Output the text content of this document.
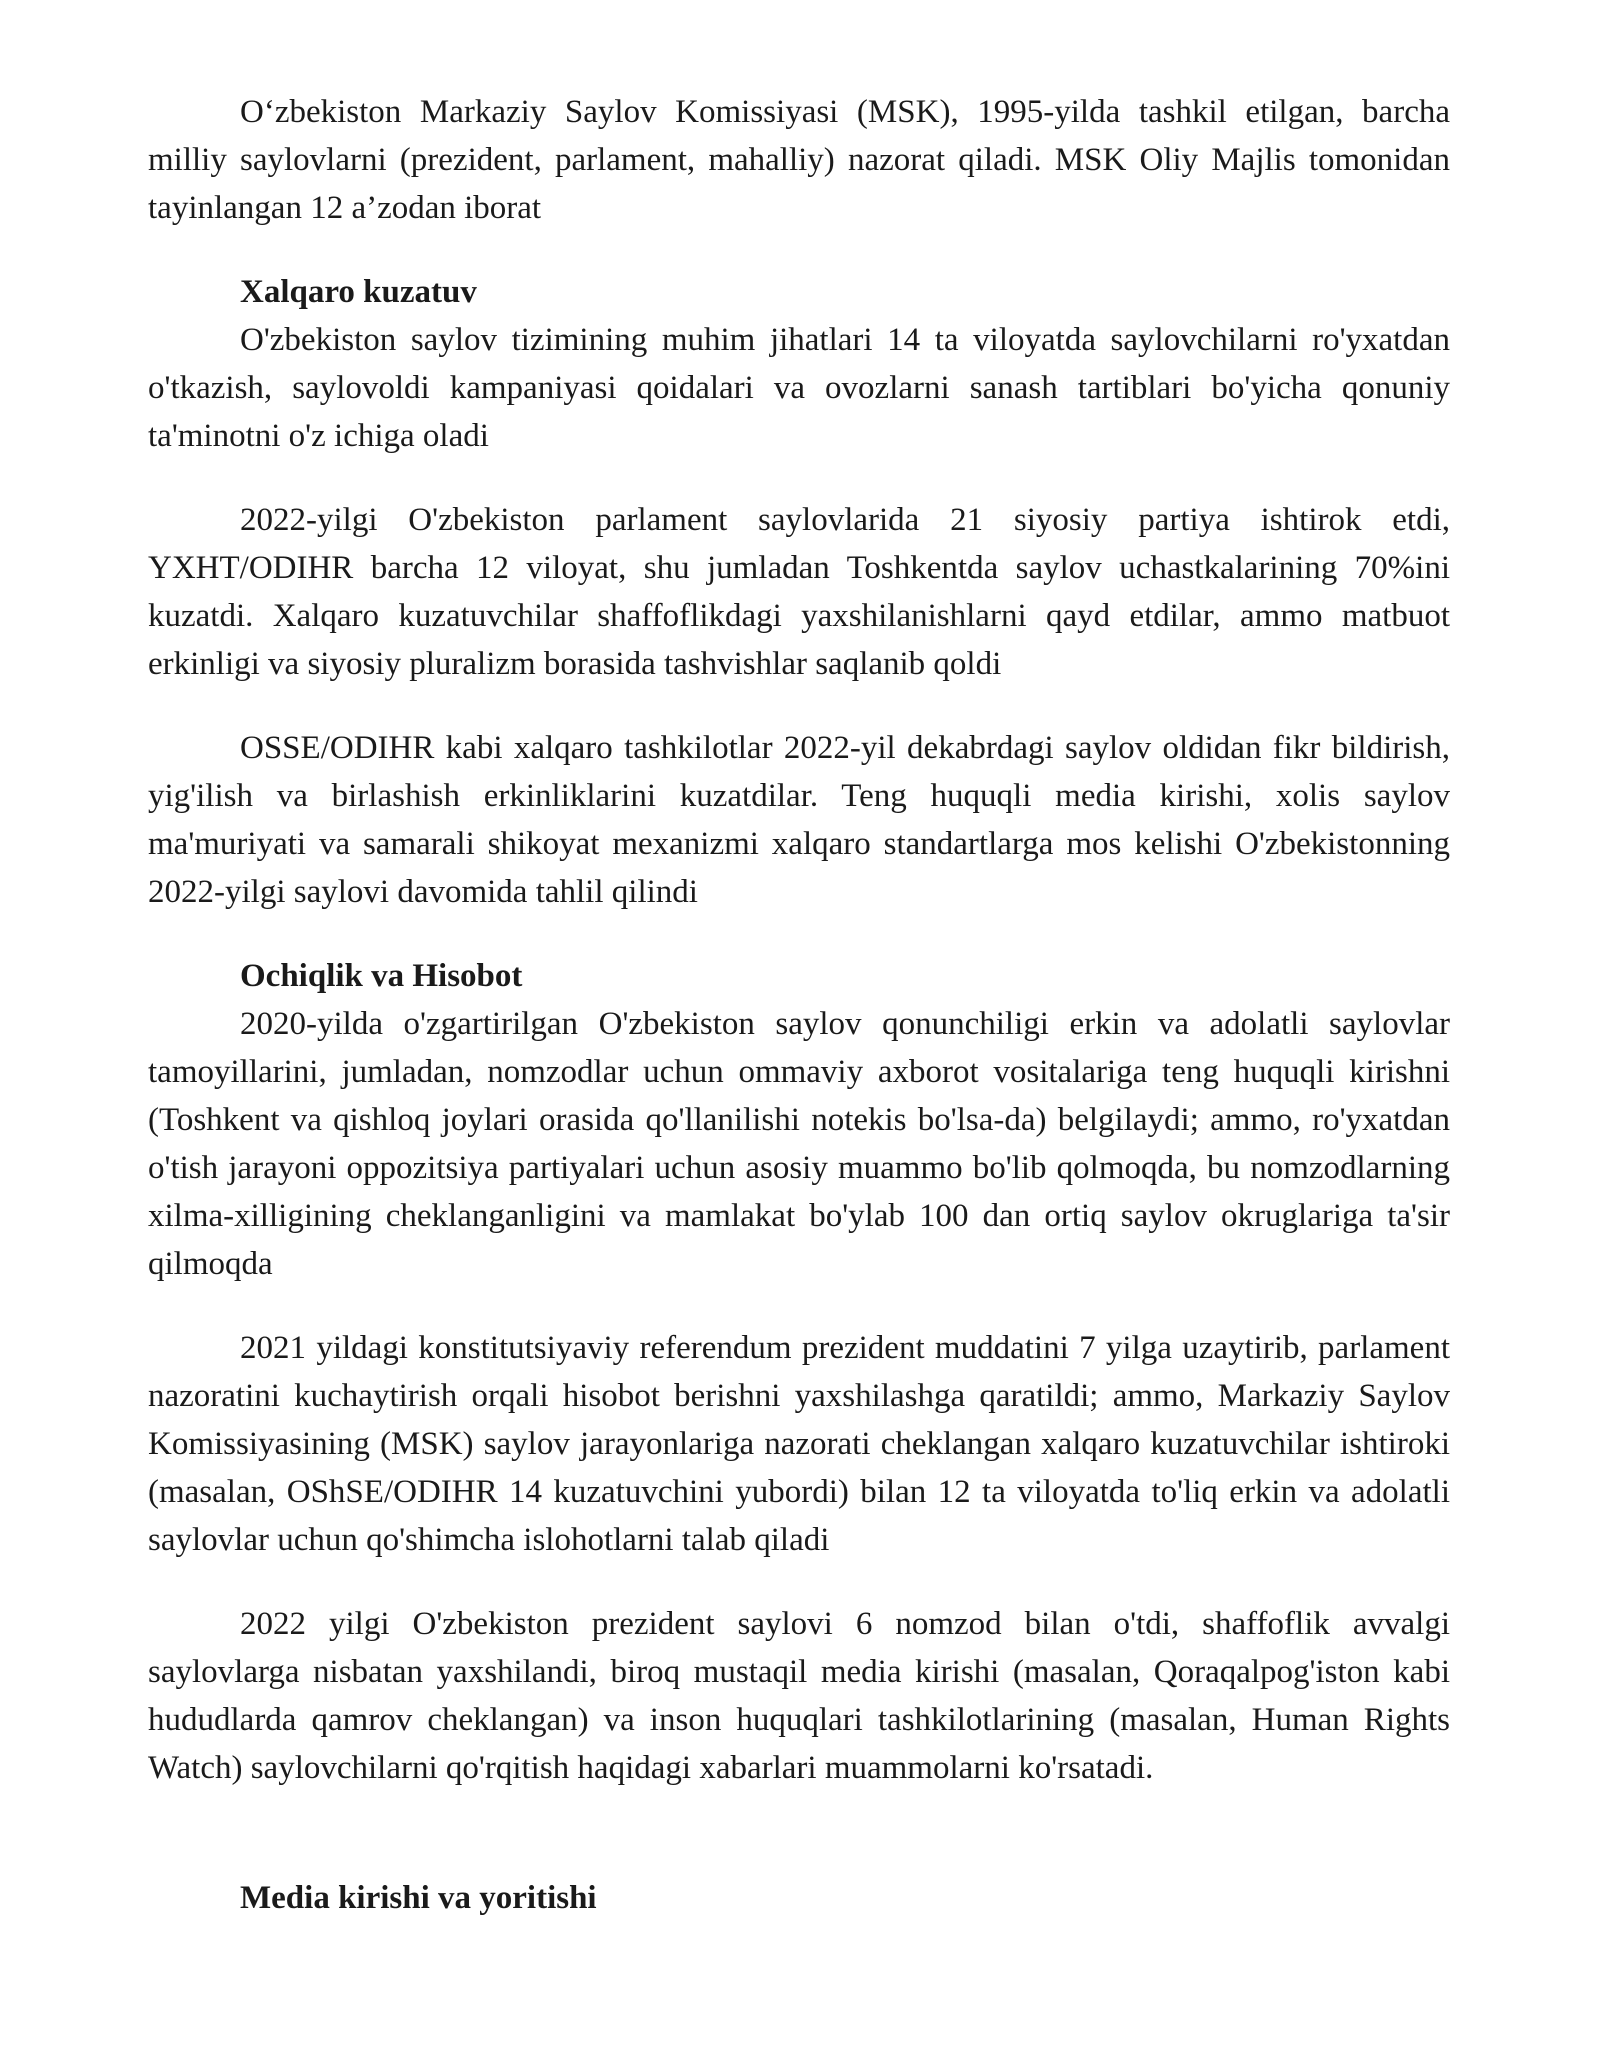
O‘zbekiston Markaziy Saylov Komissiyasi (MSK), 1995-yilda tashkil etilgan, barcha milliy saylovlarni (prezident, parlament, mahalliy) nazorat qiladi. MSK Oliy Majlis tomonidan tayinlangan 12 a’zodan iborat

Xalqaro kuzatuv

O'zbekiston saylov tizimining muhim jihatlari 14 ta viloyatda saylovchilarni ro'yxatdan o'tkazish, saylovoldi kampaniyasi qoidalari va ovozlarni sanash tartiblari bo'yicha qonuniy ta'minotni o'z ichiga oladi

2022-yilgi O'zbekiston parlament saylovlarida 21 siyosiy partiya ishtirok etdi, YXHT/ODIHR barcha 12 viloyat, shu jumladan Toshkentda saylov uchastkalarining 70%ini kuzatdi. Xalqaro kuzatuvchilar shaffoflikdagi yaxshilanishlarni qayd etdilar, ammo matbuot erkinligi va siyosiy pluralizm borasida tashvishlar saqlanib qoldi

OSSE/ODIHR kabi xalqaro tashkilotlar 2022-yil dekabrdagi saylov oldidan fikr bildirish, yig'ilish va birlashish erkinliklarini kuzatdilar. Teng huquqli media kirishi, xolis saylov ma'muriyati va samarali shikoyat mexanizmi xalqaro standartlarga mos kelishi O'zbekistonning 2022-yilgi saylovi davomida tahlil qilindi

Ochiqlik va Hisobot

2020-yilda o'zgartirilgan O'zbekiston saylov qonunchiligi erkin va adolatli saylovlar tamoyillarini, jumladan, nomzodlar uchun ommaviy axborot vositalariga teng huquqli kirishni (Toshkent va qishloq joylari orasida qo'llanilishi notekis bo'lsa-da) belgilaydi; ammo, ro'yxatdan o'tish jarayoni oppozitsiya partiyalari uchun asosiy muammo bo'lib qolmoqda, bu nomzodlarning xilma-xilligining cheklanganligini va mamlakat bo'ylab 100 dan ortiq saylov okruglariga ta'sir qilmoqda

2021 yildagi konstitutsiyaviy referendum prezident muddatini 7 yilga uzaytirib, parlament nazoratini kuchaytirish orqali hisobot berishni yaxshilashga qaratildi; ammo, Markaziy Saylov Komissiyasining (MSK) saylov jarayonlariga nazorati cheklangan xalqaro kuzatuvchilar ishtiroki (masalan, OShSE/ODIHR 14 kuzatuvchini yubordi) bilan 12 ta viloyatda to'liq erkin va adolatli saylovlar uchun qo'shimcha islohotlarni talab qiladi

2022 yilgi O'zbekiston prezident saylovi 6 nomzod bilan o'tdi, shaffoflik avvalgi saylovlarga nisbatan yaxshilandi, biroq mustaqil media kirishi (masalan, Qoraqalpog'iston kabi hududlarda qamrov cheklangan) va inson huquqlari tashkilotlarining (masalan, Human Rights Watch) saylovchilarni qo'rqitish haqidagi xabarlari muammolarni ko'rsatadi.

Media kirishi va yoritishi
